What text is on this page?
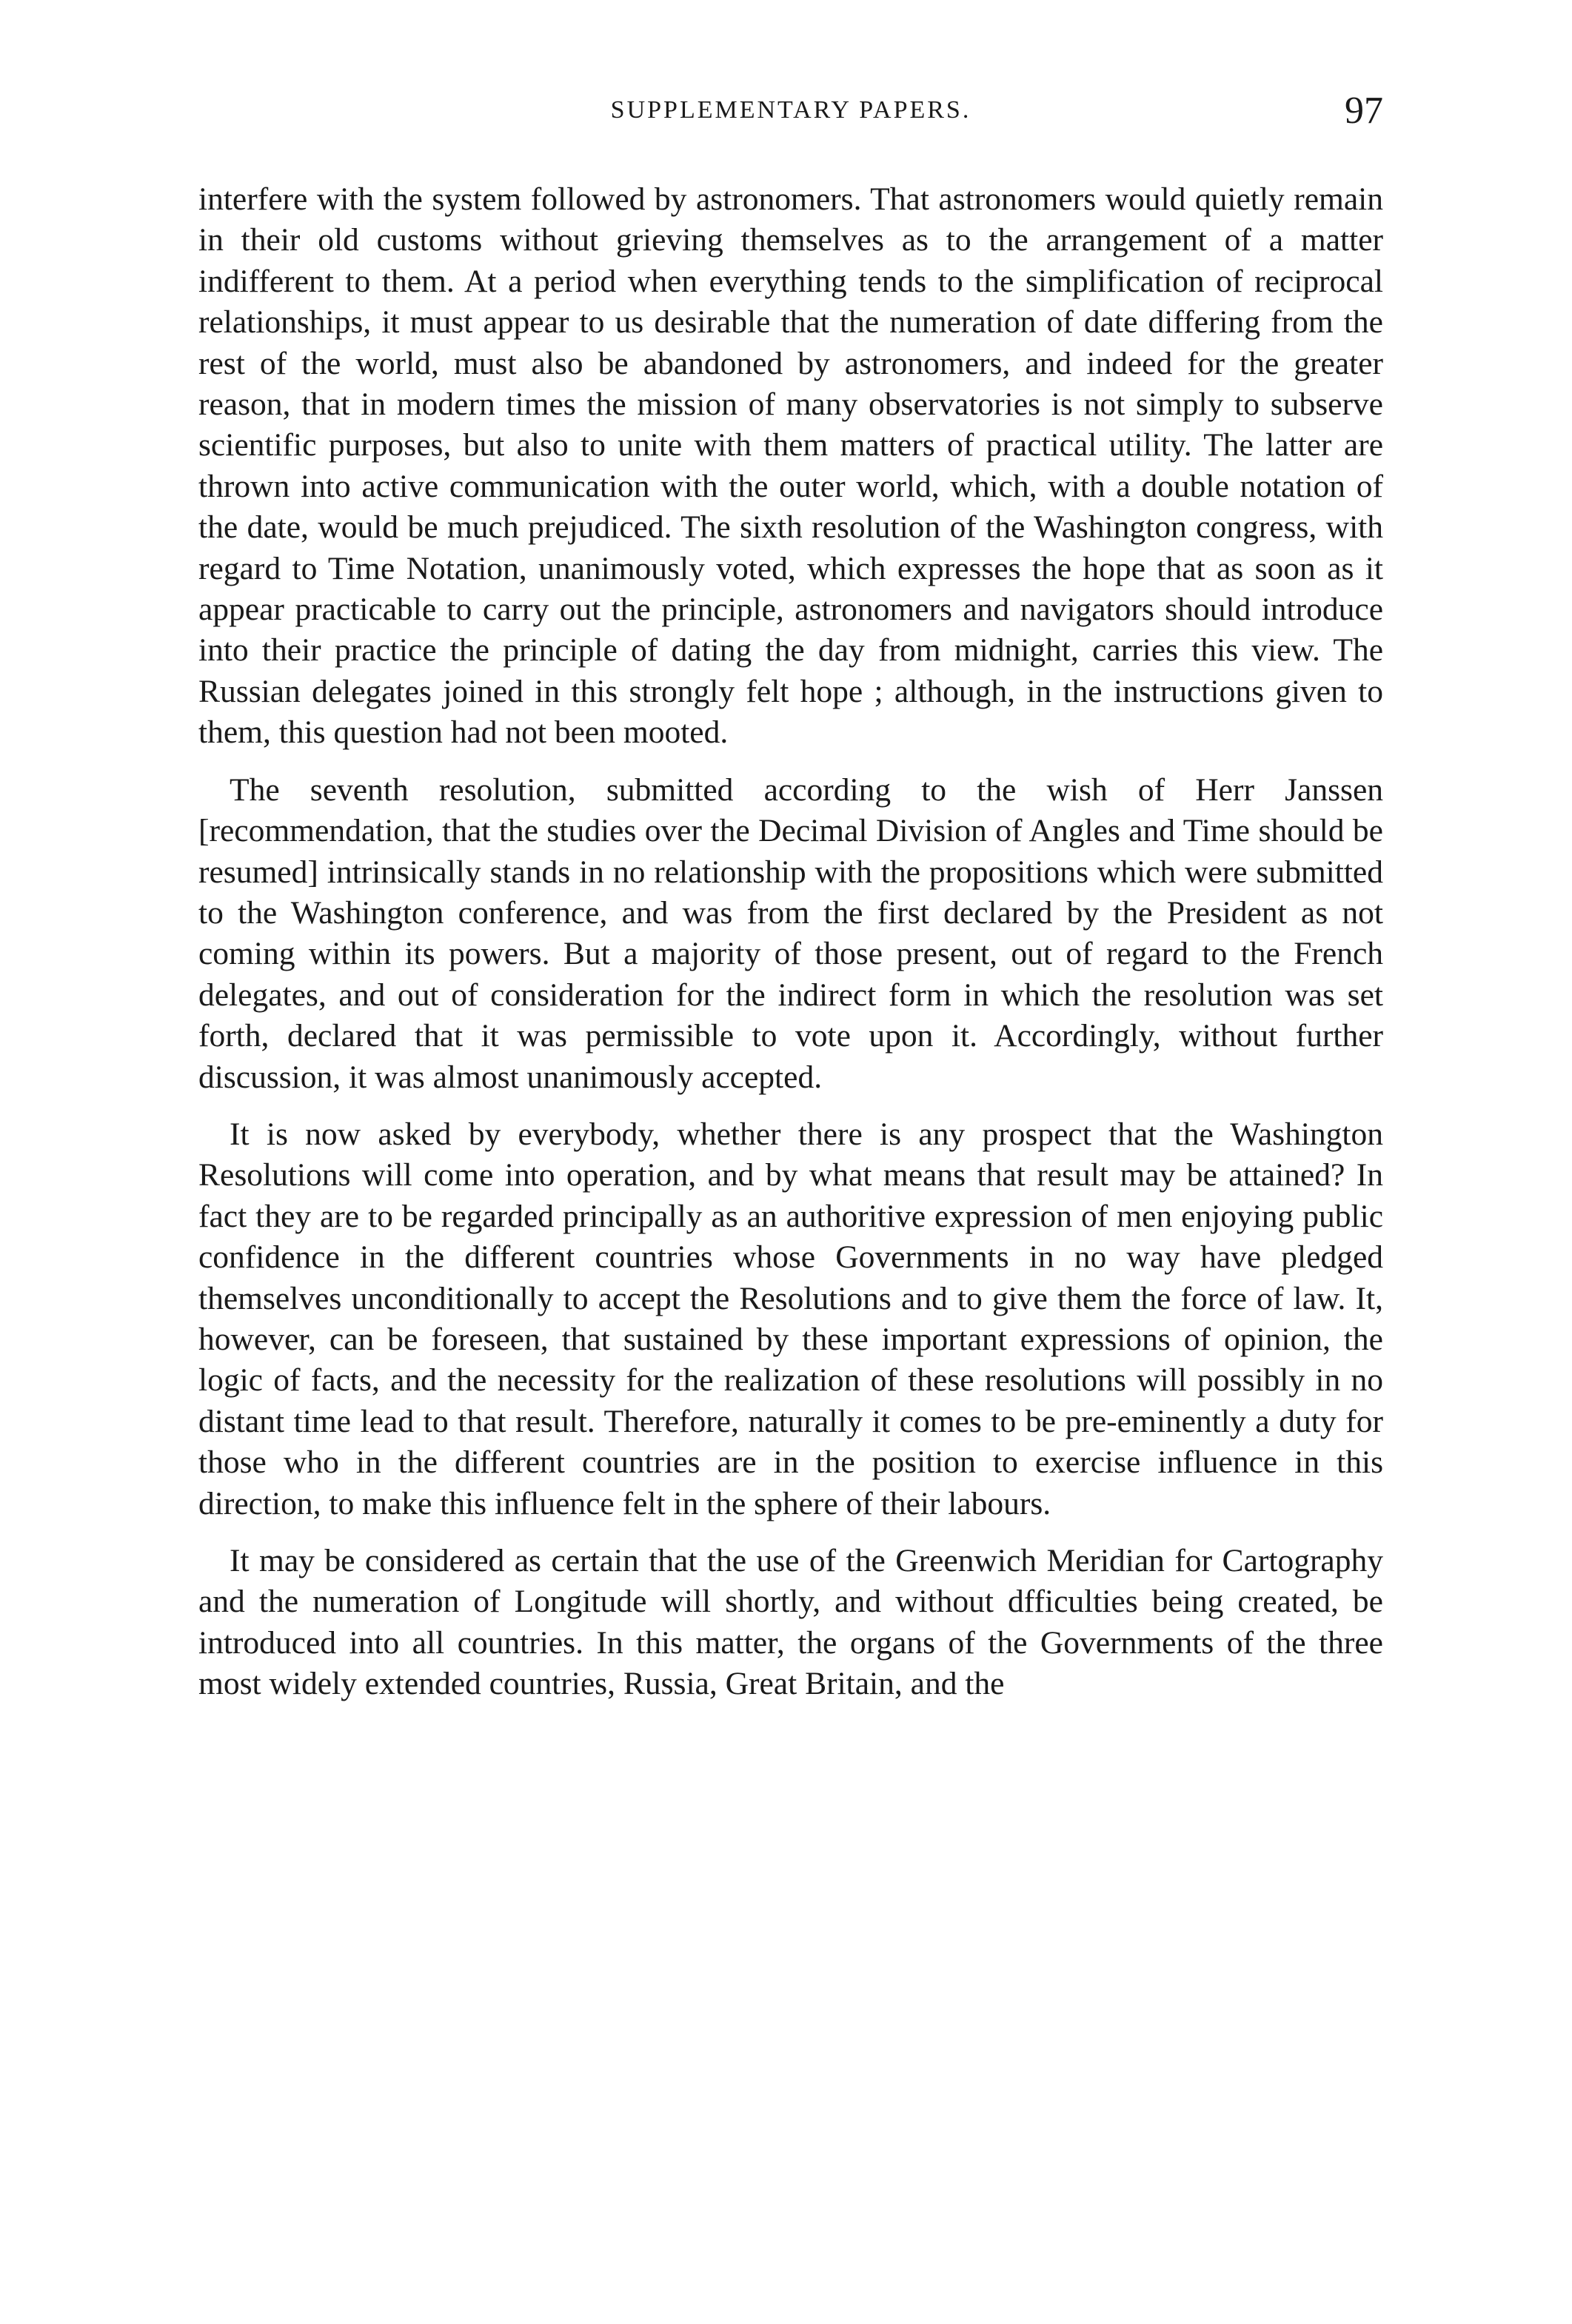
SUPPLEMENTARY PAPERS.	97

interfere with the system followed by astronomers. That astronomers would quietly remain in their old customs without grieving themselves as to the arrangement of a matter indifferent to them. At a period when everything tends to the simplification of reciprocal relationships, it must appear to us desirable that the numeration of date differing from the rest of the world, must also be abandoned by astronomers, and indeed for the greater reason, that in modern times the mission of many observatories is not simply to subserve scientific purposes, but also to unite with them matters of practical utility. The latter are thrown into active communication with the outer world, which, with a double notation of the date, would be much prejudiced. The sixth resolution of the Washington congress, with regard to Time Notation, unanimously voted, which expresses the hope that as soon as it appear practicable to carry out the principle, astronomers and navigators should introduce into their practice the principle of dating the day from midnight, carries this view. The Russian delegates joined in this strongly felt hope ; although, in the instructions given to them, this question had not been mooted.

The seventh resolution, submitted according to the wish of Herr Janssen [recommendation, that the studies over the Decimal Division of Angles and Time should be resumed] intrinsically stands in no relationship with the propositions which were submitted to the Washington conference, and was from the first declared by the President as not coming within its powers. But a majority of those present, out of regard to the French delegates, and out of consideration for the indirect form in which the resolution was set forth, declared that it was permissible to vote upon it. Accordingly, without further discussion, it was almost unanimously accepted.

It is now asked by everybody, whether there is any prospect that the Washington Resolutions will come into operation, and by what means that result may be attained? In fact they are to be regarded principally as an authoritive expression of men enjoying public confidence in the different countries whose Governments in no way have pledged themselves unconditionally to accept the Resolutions and to give them the force of law. It, however, can be foreseen, that sustained by these important expressions of opinion, the logic of facts, and the necessity for the realization of these resolutions will possibly in no distant time lead to that result. Therefore, naturally it comes to be pre-eminently a duty for those who in the different countries are in the position to exercise influence in this direction, to make this influence felt in the sphere of their labours.

It may be considered as certain that the use of the Greenwich Meridian for Cartography and the numeration of Longitude will shortly, and without dfficulties being created, be introduced into all countries. In this matter, the organs of the Governments of the three most widely extended countries, Russia, Great Britain, and the
